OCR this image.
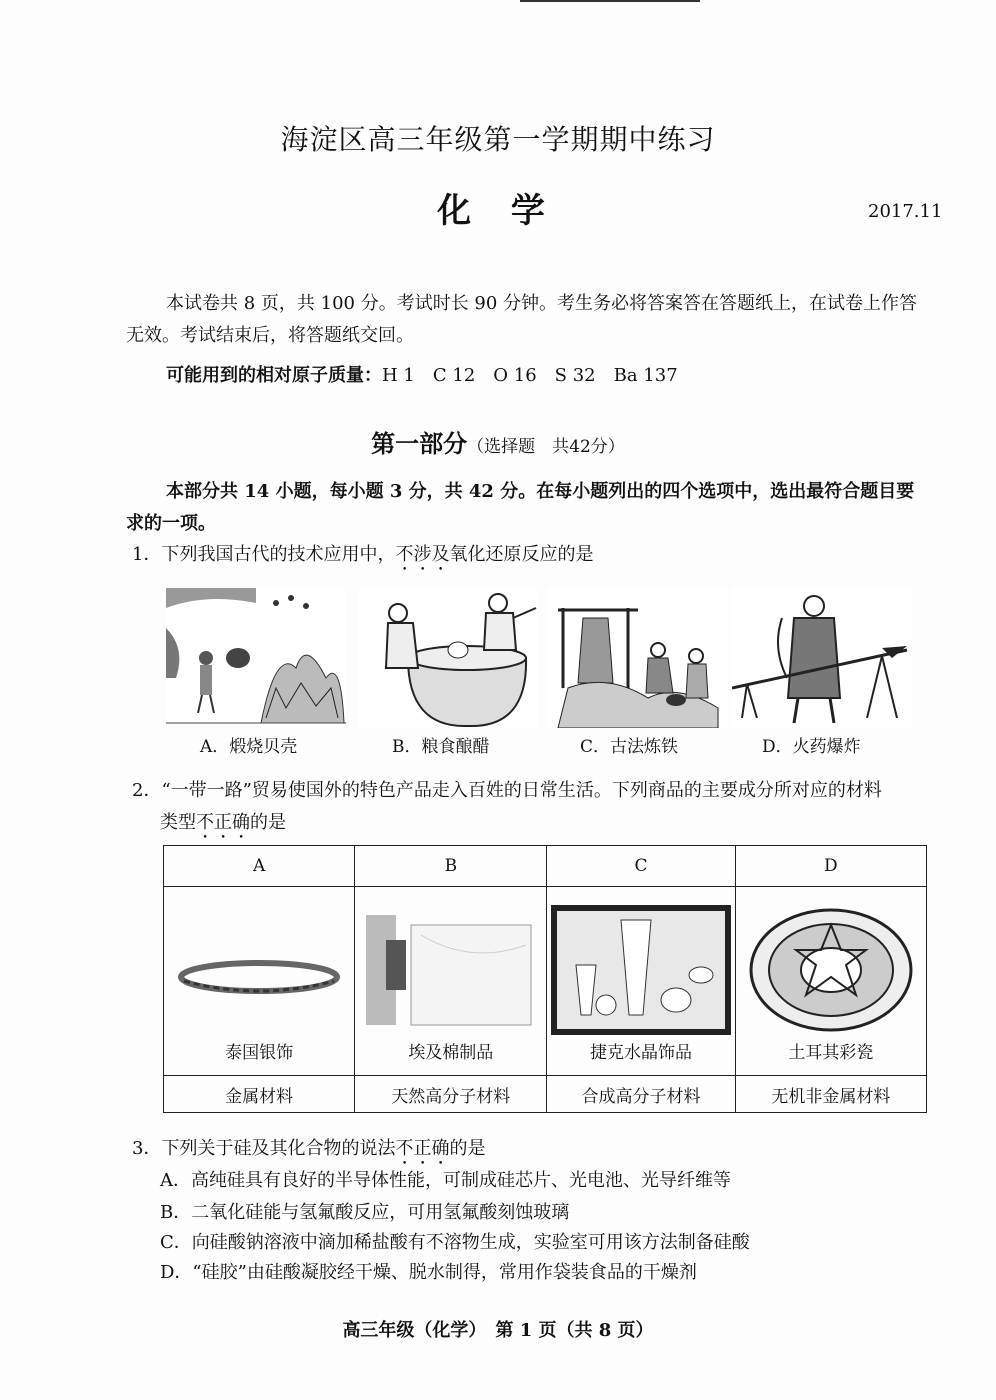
海淀区高三年级第一学期期中练习
化 学	2017.11
本试卷共 8 页，共 100 分。考试时长 90 分钟。考生务必将答案答在答题纸上，在试卷上作答
无效。考试结束后，将答题纸交回。
可能用到的相对原子质量：H 1　C 12　O 16　S 32　Ba 137
第一部分（选择题　共42分）
本部分共 14 小题，每小题 3 分，共 42 分。在每小题列出的四个选项中，选出最符合题目要
求的一项。
1．下列我国古代的技术应用中，不涉及氧化还原反应的是
A．煅烧贝壳	B．粮食酿醋	C．古法炼铁	D．火药爆炸
2．“一带一路”贸易使国外的特色产品走入百姓的日常生活。下列商品的主要成分所对应的材料
类型不正确的是
A	B	C	D

泰国银饰	埃及棉制品	捷克水晶饰品	土耳其彩瓷

金属材料	天然高分子材料	合成高分子材料	无机非金属材料
3．下列关于硅及其化合物的说法不正确的是
A．高纯硅具有良好的半导体性能，可制成硅芯片、光电池、光导纤维等
B．二氧化硅能与氢氟酸反应，可用氢氟酸刻蚀玻璃
C．向硅酸钠溶液中滴加稀盐酸有不溶物生成，实验室可用该方法制备硅酸
D．“硅胶”由硅酸凝胶经干燥、脱水制得，常用作袋装食品的干燥剂
高三年级（化学）　第 1 页（共 8 页）
